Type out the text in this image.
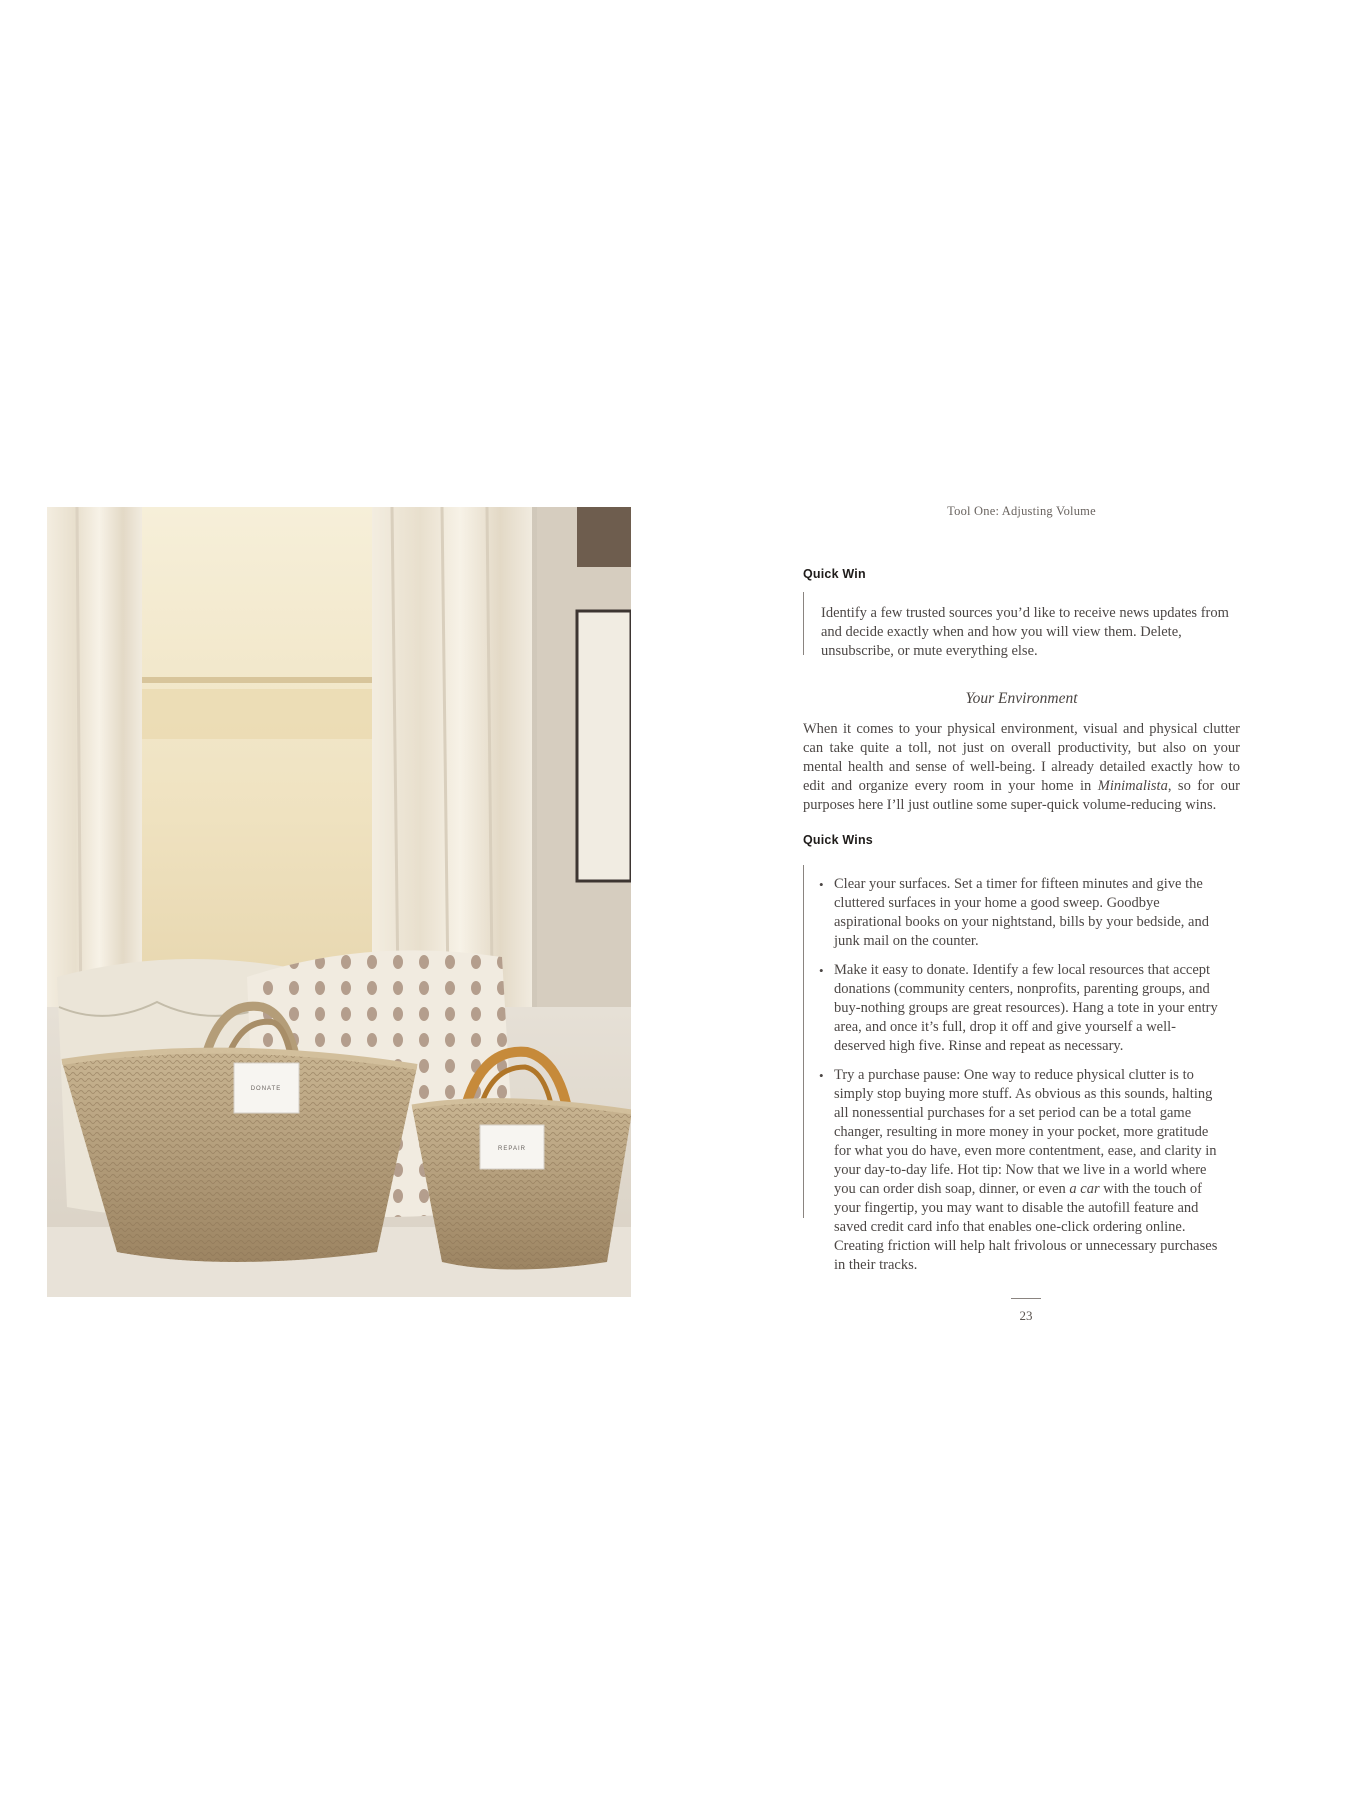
DONATE
REPAIR
Tool One: Adjusting Volume
Quick Win

Identify a few trusted sources you’d like to receive news updates from and decide exactly when and how you will view them. Delete, unsubscribe, or mute everything else.

Your Environment

When it comes to your physical environment, visual and physical clutter can take quite a toll, not just on overall productivity, but also on your mental health and sense of well-being. I already detailed exactly how to edit and organize every room in your home in Minimalista, so for our purposes here I’ll just outline some super-quick volume-reducing wins.

Quick Wins
• Clear your surfaces. Set a timer for fifteen minutes and give the cluttered surfaces in your home a good sweep. Goodbye aspirational books on your nightstand, bills by your bedside, and junk mail on the counter.
• Make it easy to donate. Identify a few local resources that accept donations (community centers, nonprofits, parenting groups, and buy-nothing groups are great resources). Hang a tote in your entry area, and once it’s full, drop it off and give yourself a well-deserved high five. Rinse and repeat as necessary.
• Try a purchase pause: One way to reduce physical clutter is to simply stop buying more stuff. As obvious as this sounds, halting all nonessential purchases for a set period can be a total game changer, resulting in more money in your pocket, more gratitude for what you do have, even more contentment, ease, and clarity in your day-to-day life. Hot tip: Now that we live in a world where you can order dish soap, dinner, or even a car with the touch of your fingertip, you may want to disable the autofill feature and saved credit card info that enables one-click ordering online. Creating friction will help halt frivolous or unnecessary purchases in their tracks.
23
